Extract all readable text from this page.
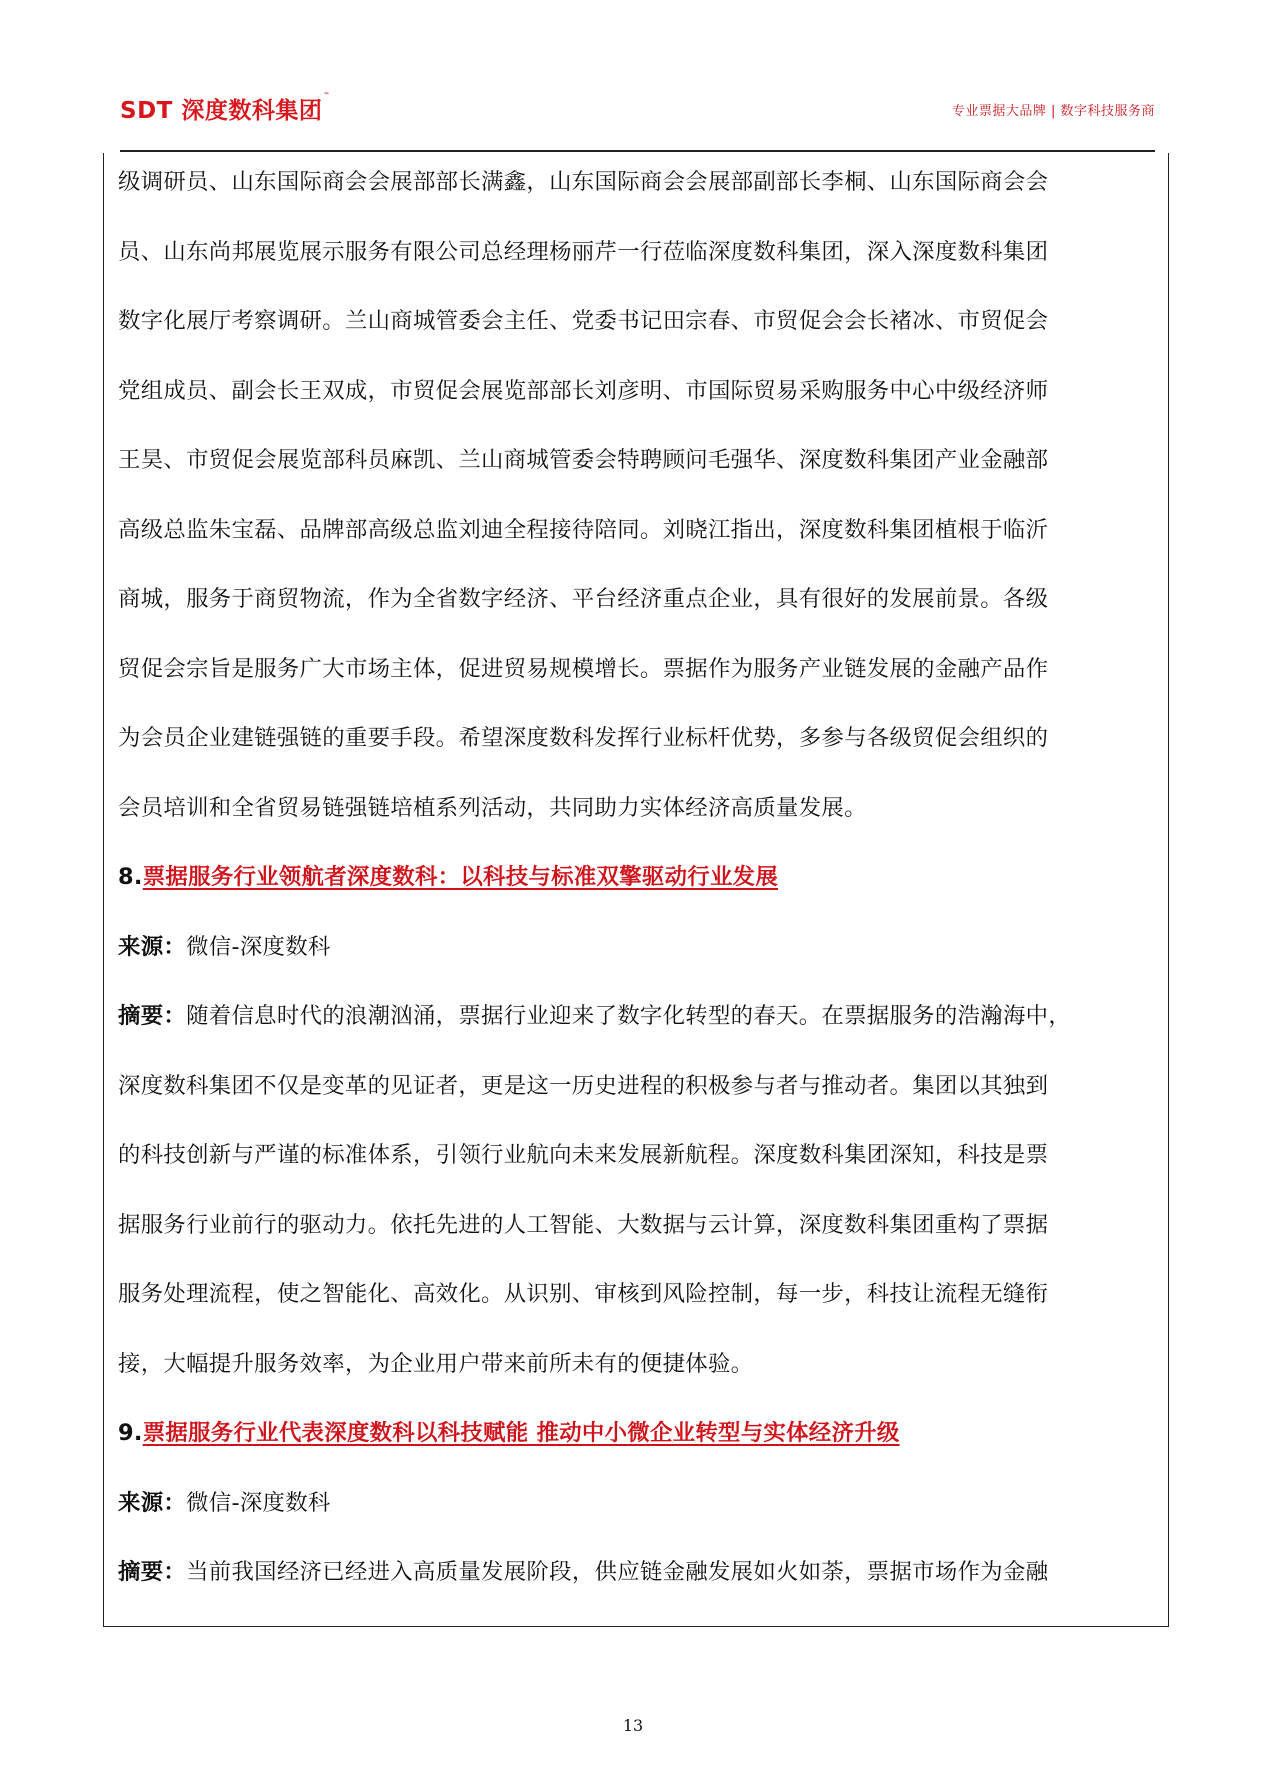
SDT 深度数科集团™
专业票据大品牌 | 数字科技服务商
级调研员、山东国际商会会展部部长满鑫，山东国际商会会展部副部长李桐、山东国际商会会
员、山东尚邦展览展示服务有限公司总经理杨丽芹一行莅临深度数科集团，深入深度数科集团
数字化展厅考察调研。兰山商城管委会主任、党委书记田宗春、市贸促会会长褚冰、市贸促会
党组成员、副会长王双成，市贸促会展览部部长刘彦明、市国际贸易采购服务中心中级经济师
王昊、市贸促会展览部科员麻凯、兰山商城管委会特聘顾问毛强华、深度数科集团产业金融部
高级总监朱宝磊、品牌部高级总监刘迪全程接待陪同。刘晓江指出，深度数科集团植根于临沂
商城，服务于商贸物流，作为全省数字经济、平台经济重点企业，具有很好的发展前景。各级
贸促会宗旨是服务广大市场主体，促进贸易规模增长。票据作为服务产业链发展的金融产品作
为会员企业建链强链的重要手段。希望深度数科发挥行业标杆优势，多参与各级贸促会组织的
会员培训和全省贸易链强链培植系列活动，共同助力实体经济高质量发展。
8.票据服务行业领航者深度数科：以科技与标准双擎驱动行业发展
来源：微信-深度数科
摘要：随着信息时代的浪潮汹涌，票据行业迎来了数字化转型的春天。在票据服务的浩瀚海中，
深度数科集团不仅是变革的见证者，更是这一历史进程的积极参与者与推动者。集团以其独到
的科技创新与严谨的标准体系，引领行业航向未来发展新航程。深度数科集团深知，科技是票
据服务行业前行的驱动力。依托先进的人工智能、大数据与云计算，深度数科集团重构了票据
服务处理流程，使之智能化、高效化。从识别、审核到风险控制，每一步，科技让流程无缝衔
接，大幅提升服务效率，为企业用户带来前所未有的便捷体验。
9.票据服务行业代表深度数科以科技赋能 推动中小微企业转型与实体经济升级
来源：微信-深度数科
摘要：当前我国经济已经进入高质量发展阶段，供应链金融发展如火如荼，票据市场作为金融
13
